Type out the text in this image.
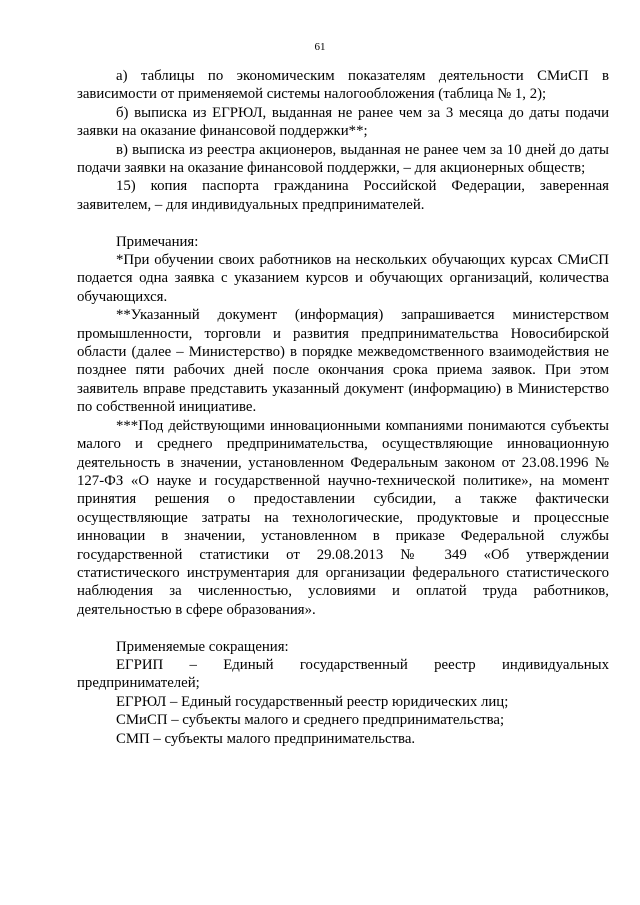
61

а) таблицы по экономическим показателям деятельности СМиСП в зависимости от применяемой системы налогообложения (таблица № 1, 2);

б) выписка из ЕГРЮЛ, выданная не ранее чем за 3 месяца до даты подачи заявки на оказание финансовой поддержки**;

в) выписка из реестра акционеров, выданная не ранее чем за 10 дней до даты подачи заявки на оказание финансовой поддержки, – для акционерных обществ;

15) копия паспорта гражданина Российской Федерации, заверенная заявителем, – для индивидуальных предпринимателей.

Примечания:

*При обучении своих работников на нескольких обучающих курсах СМиСП подается одна заявка с указанием курсов и обучающих организаций, количества обучающихся.

**Указанный документ (информация) запрашивается министерством промышленности, торговли и развития предпринимательства Новосибирской области (далее – Министерство) в порядке межведомственного взаимодействия не позднее пяти рабочих дней после окончания срока приема заявок. При этом заявитель вправе представить указанный документ (информацию) в Министерство по собственной инициативе.

***Под действующими инновационными компаниями понимаются субъекты малого и среднего предпринимательства, осуществляющие инновационную деятельность в значении, установленном Федеральным законом от 23.08.1996 № 127-ФЗ «О науке и государственной научно-технической политике», на момент принятия решения о предоставлении субсидии, а также фактически осуществляющие затраты на технологические, продуктовые и процессные инновации в значении, установленном в приказе Федеральной службы государственной статистики от 29.08.2013 № 349 «Об утверждении статистического инструментария для организации федерального статистического наблюдения за численностью, условиями и оплатой труда работников, деятельностью в сфере образования».

Применяемые сокращения:

ЕГРИП – Единый государственный реестр индивидуальных предпринимателей;

ЕГРЮЛ – Единый государственный реестр юридических лиц;

СМиСП – субъекты малого и среднего предпринимательства;

СМП – субъекты малого предпринимательства.
